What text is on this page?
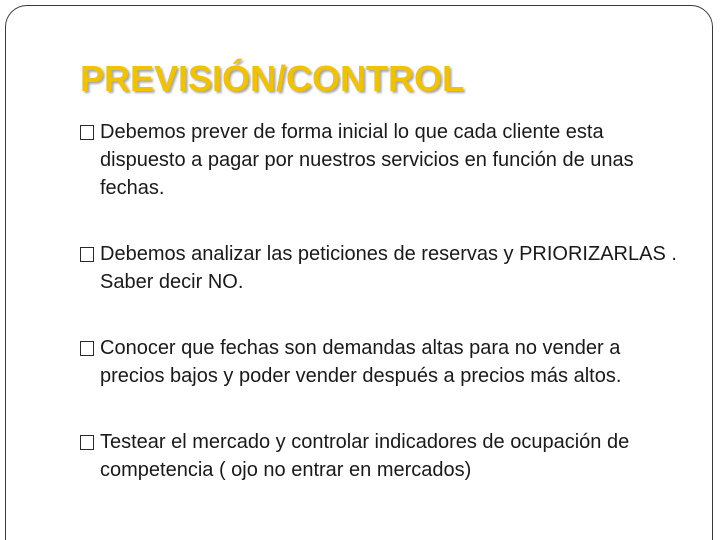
PREVISIÓN/CONTROL
Debemos prever de forma inicial lo que cada cliente esta dispuesto a pagar por nuestros servicios en función de unas fechas.
Debemos analizar las peticiones de reservas y PRIORIZARLAS . Saber decir NO.
Conocer que fechas son demandas altas para no vender a precios bajos y poder vender después a precios más altos.
Testear el mercado y controlar indicadores de ocupación de competencia ( ojo no entrar en mercados)
